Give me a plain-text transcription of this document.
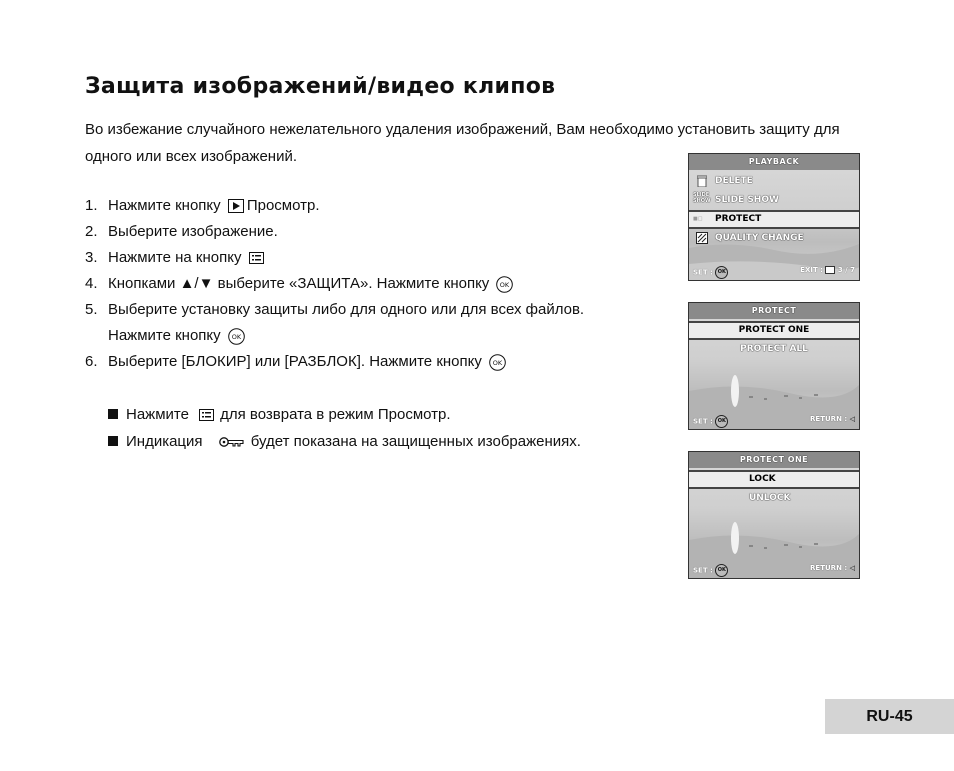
Защита изображений/видео клипов
Во избежание случайного нежелательного удаления изображений, Вам необходимо установить защиту для одного или всех изображений.
1. Нажмите кнопку Просмотр.
2. Выберите изображение.
3. Нажмите на кнопку
4. Кнопками ▲/▼ выберите «ЗАЩИТА». Нажмите кнопку OK
5. Выберите установку защиты либо для одного или для всех файлов.
Нажмите кнопку OK
6. Выберите [БЛОКИР] или [РАЗБЛОК]. Нажмите кнопку OK
Нажмите для возврата в режим Просмотр.
Индикация	будет показана на защищенных изображениях.
PLAYBACK
DELETE
SLIDE
SHOW SLIDE SHOW
■□ PROTECT
QUALITY CHANGE
SET : OK	EXIT : 3 / 7
PROTECT
PROTECT ONE
PROTECT ALL
SET : OK	RETURN : ◁
PROTECT ONE
LOCK
UNLOCK
SET : OK	RETURN : ◁
RU-45
